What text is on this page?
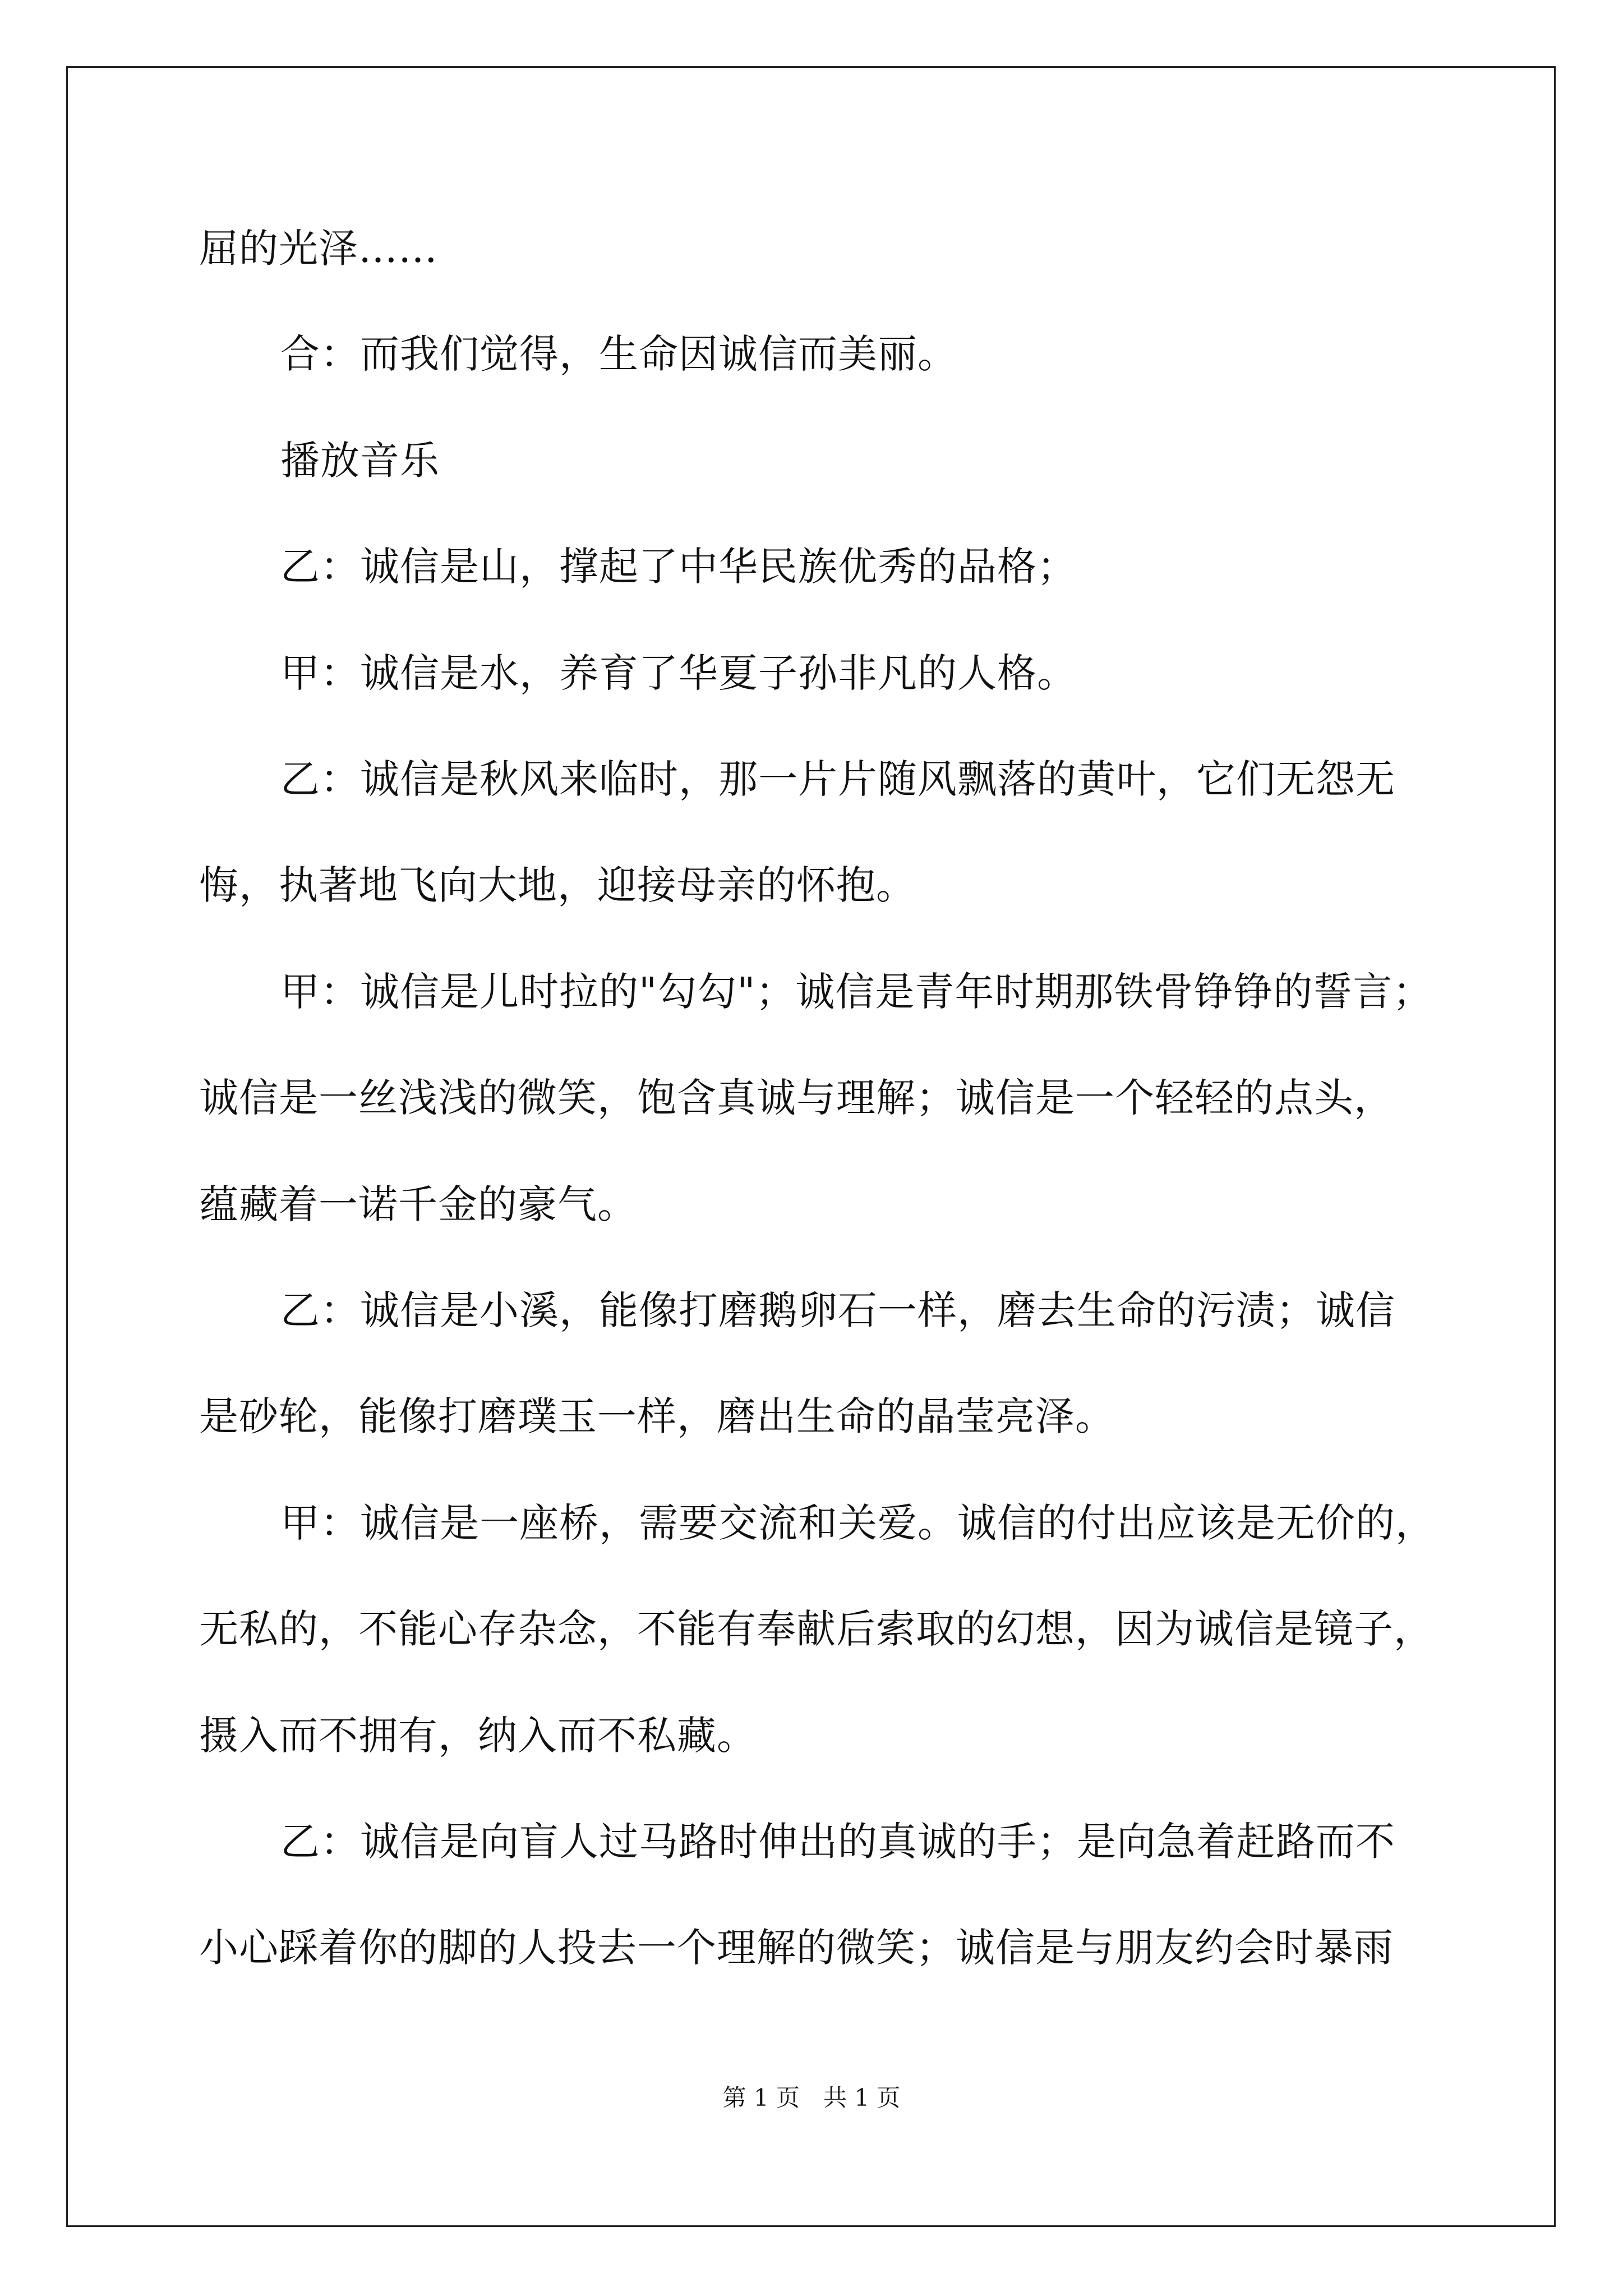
屈的光泽……
合：而我们觉得，生命因诚信而美丽。
播放音乐
乙：诚信是山，撑起了中华民族优秀的品格；
甲：诚信是水，养育了华夏子孙非凡的人格。
乙：诚信是秋风来临时，那一片片随风飘落的黄叶，它们无怨无
悔，执著地飞向大地，迎接母亲的怀抱。
甲：诚信是儿时拉的"勾勾"；诚信是青年时期那铁骨铮铮的誓言；
诚信是一丝浅浅的微笑，饱含真诚与理解；诚信是一个轻轻的点头，
蕴藏着一诺千金的豪气。
乙：诚信是小溪，能像打磨鹅卵石一样，磨去生命的污渍；诚信
是砂轮，能像打磨璞玉一样，磨出生命的晶莹亮泽。
甲：诚信是一座桥，需要交流和关爱。诚信的付出应该是无价的，
无私的，不能心存杂念，不能有奉献后索取的幻想，因为诚信是镜子，
摄入而不拥有，纳入而不私藏。
乙：诚信是向盲人过马路时伸出的真诚的手；是向急着赶路而不
小心踩着你的脚的人投去一个理解的微笑；诚信是与朋友约会时暴雨
第 1 页　共 1 页
